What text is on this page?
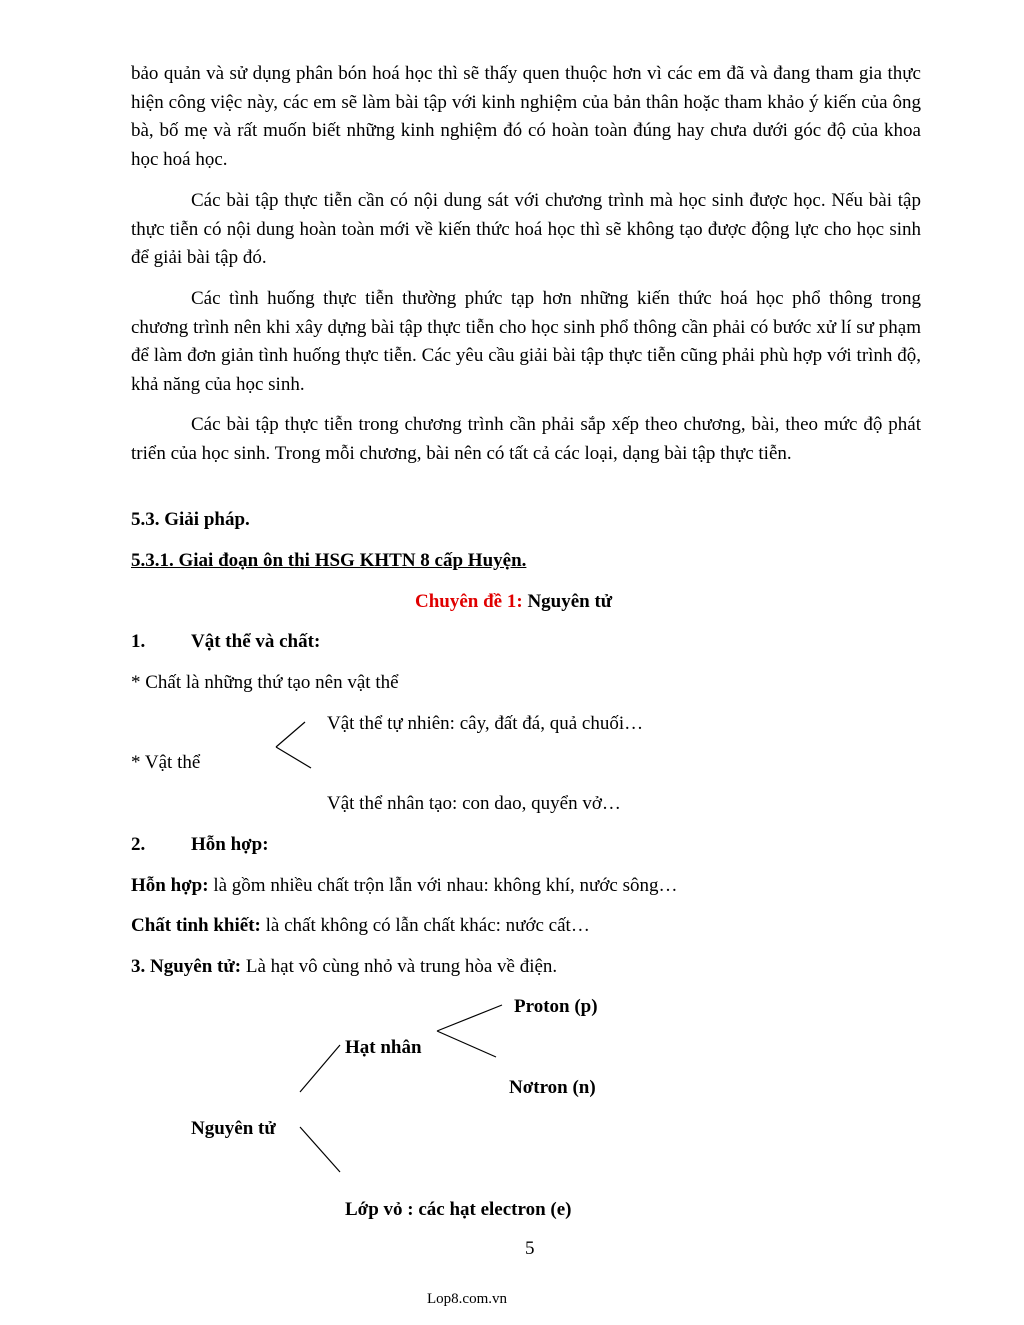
bảo quản và sử dụng phân bón hoá học thì sẽ thấy quen thuộc hơn vì các em đã và đang tham gia thực hiện công việc này, các em sẽ làm bài tập với kinh nghiệm của bản thân hoặc tham khảo ý kiến của ông bà, bố mẹ và rất muốn biết những kinh nghiệm đó có hoàn toàn đúng hay chưa dưới góc độ của khoa học hoá học.

Các bài tập thực tiễn cần có nội dung sát với chương trình mà học sinh được học. Nếu bài tập thực tiễn có nội dung hoàn toàn mới về kiến thức hoá học thì sẽ không tạo được động lực cho học sinh để giải bài tập đó.

Các tình huống thực tiễn thường phức tạp hơn những kiến thức hoá học phổ thông trong chương trình nên khi xây dựng bài tập thực tiễn cho học sinh phổ thông cần phải có bước xử lí sư phạm để làm đơn giản tình huống thực tiễn. Các yêu cầu giải bài tập thực tiễn cũng phải phù hợp với trình độ, khả năng của học sinh.

Các bài tập thực tiễn trong chương trình cần phải sắp xếp theo chương, bài, theo mức độ phát triển của học sinh. Trong mỗi chương, bài nên có tất cả các loại, dạng bài tập thực tiễn.

5.3. Giải pháp.
5.3.1. Giai đoạn ôn thi HSG KHTN 8 cấp Huyện.
Chuyên đề 1: Nguyên tử
1. Vật thể và chất:
* Chất là những thứ tạo nên vật thể
Vật thể tự nhiên: cây, đất đá, quả chuối…
* Vật thể
Vật thể nhân tạo: con dao, quyển vở…
2. Hỗn hợp:
Hỗn hợp: là gồm nhiều chất trộn lẫn với nhau: không khí, nước sông…
Chất tinh khiết: là chất không có lẫn chất khác: nước cất…
3. Nguyên tử: Là hạt vô cùng nhỏ và trung hòa về điện.
Proton (p)
Hạt nhân
Nơtron (n)
Nguyên tử
Lớp vỏ : các hạt electron (e)
5
Lop8.com.vn
